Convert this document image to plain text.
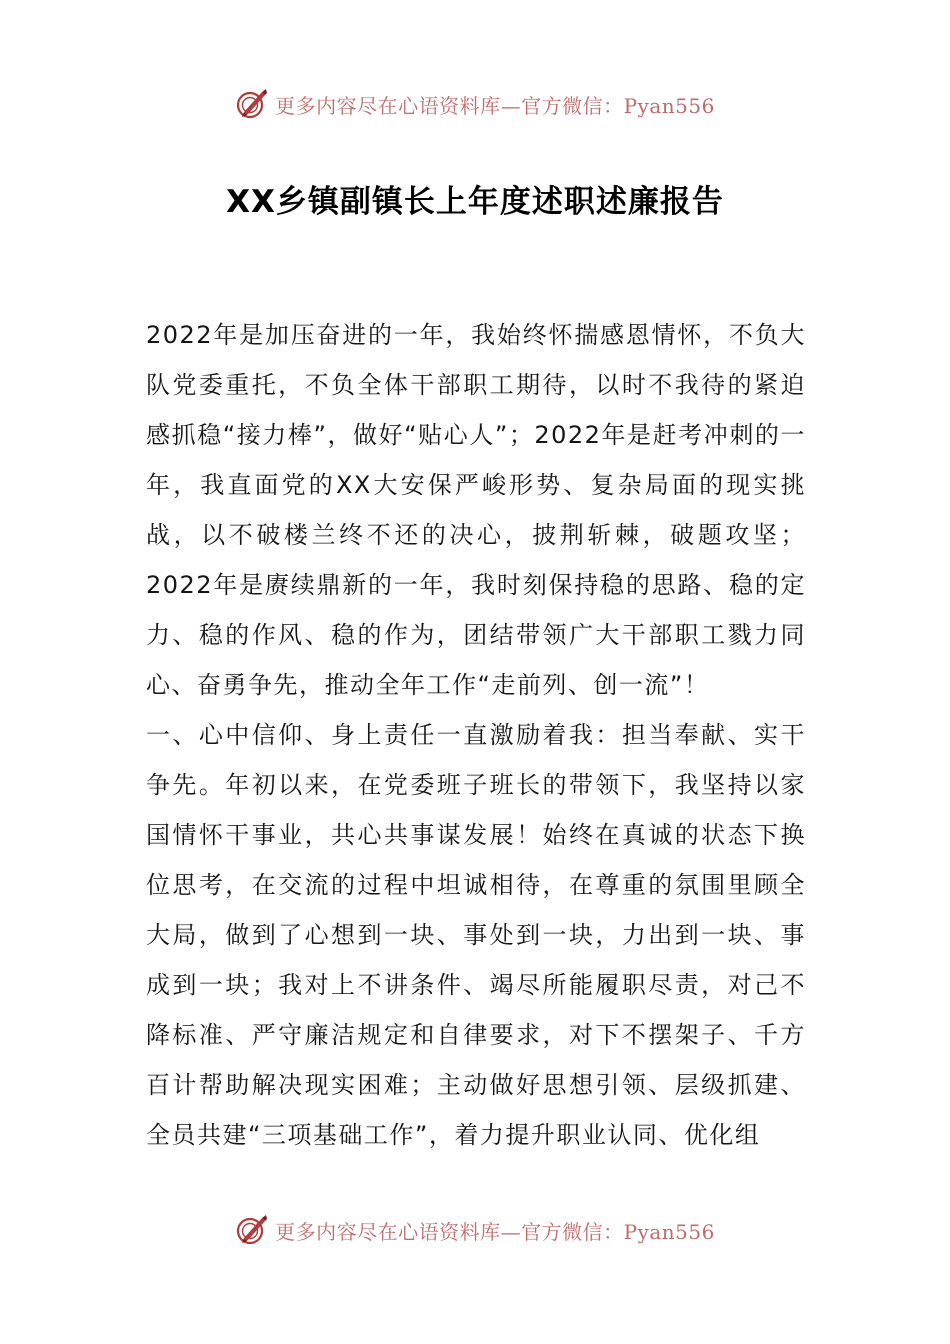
更多内容尽在心语资料库—官方微信：Pyan556
XX乡镇副镇长上年度述职述廉报告

2022年是加压奋进的一年，我始终怀揣感恩情怀，不负大队党委重托，不负全体干部职工期待，以时不我待的紧迫感抓稳“接力棒”，做好“贴心人”；2022年是赶考冲刺的一年，我直面党的XX大安保严峻形势、复杂局面的现实挑战，以不破楼兰终不还的决心，披荆斩棘，破题攻坚；2022年是赓续鼎新的一年，我时刻保持稳的思路、稳的定力、稳的作风、稳的作为，团结带领广大干部职工戮力同心、奋勇争先，推动全年工作“走前列、创一流”！

一、心中信仰、身上责任一直激励着我：担当奉献、实干争先。年初以来，在党委班子班长的带领下，我坚持以家国情怀干事业，共心共事谋发展！始终在真诚的状态下换位思考，在交流的过程中坦诚相待，在尊重的氛围里顾全大局，做到了心想到一块、事处到一块，力出到一块、事成到一块；我对上不讲条件、竭尽所能履职尽责，对己不降标准、严守廉洁规定和自律要求，对下不摆架子、千方百计帮助解决现实困难；主动做好思想引领、层级抓建、全员共建“三项基础工作”，着力提升职业认同、优化组

更多内容尽在心语资料库—官方微信：Pyan556
